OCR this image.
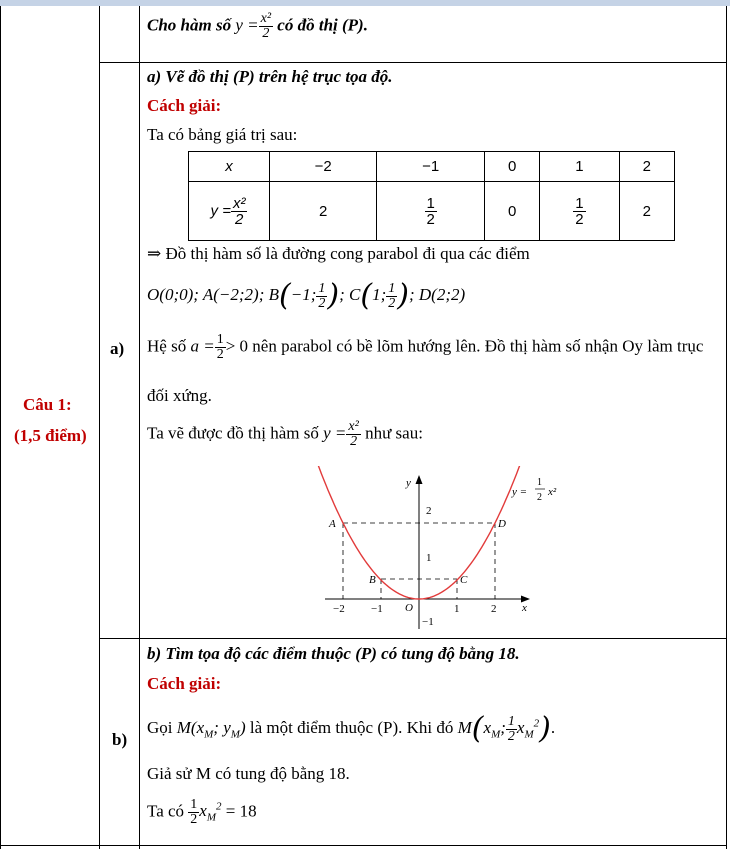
Câu 1:
(1,5 điểm)
Cho hàm số $y = \frac{\text{x²}}{2}$ có đồ thị (P).
a)
a) Vẽ đồ thị (P) trên hệ trục tọa độ.
Cách giải:
Ta có bảng giá trị sau:
x	−2	−1	0	1	2
$y = \frac{\text{x²}}{2}$	2	$\frac{1}{2}$	0	$\frac{1}{2}$	2
⇒ Đồ thị hàm số là đường cong parabol đi qua các điểm
O(0;0); A(−2;2); B(−1; $\frac{1}{2}$ ); C(1; $\frac{1}{2}$ ); D(2;2)
Hệ số $a = \frac{1}{2} > 0$ nên parabol có bề lõm hướng lên. Đồ thị hàm số nhận Oy làm trục
đối xứng.
Ta vẽ được đồ thị hàm số $y = \frac{\text{x²}}{2}$ như sau:
y
x
O
A	D
B	C
2
1
−1
−2 −1	1	2
y =
1
2 x²
b)
b) Tìm tọa độ các điểm thuộc (P) có tung độ bằng 18.
Cách giải:
Gọi $M(x_M$; $y_M$) là một điểm thuộc (P). Khi đó $M(x_M$; $\frac{1}{2} x_M^2$).
Giả sử M có tung độ bằng 18.
Ta có $\frac{1}{2} x_M^2 = 18$
